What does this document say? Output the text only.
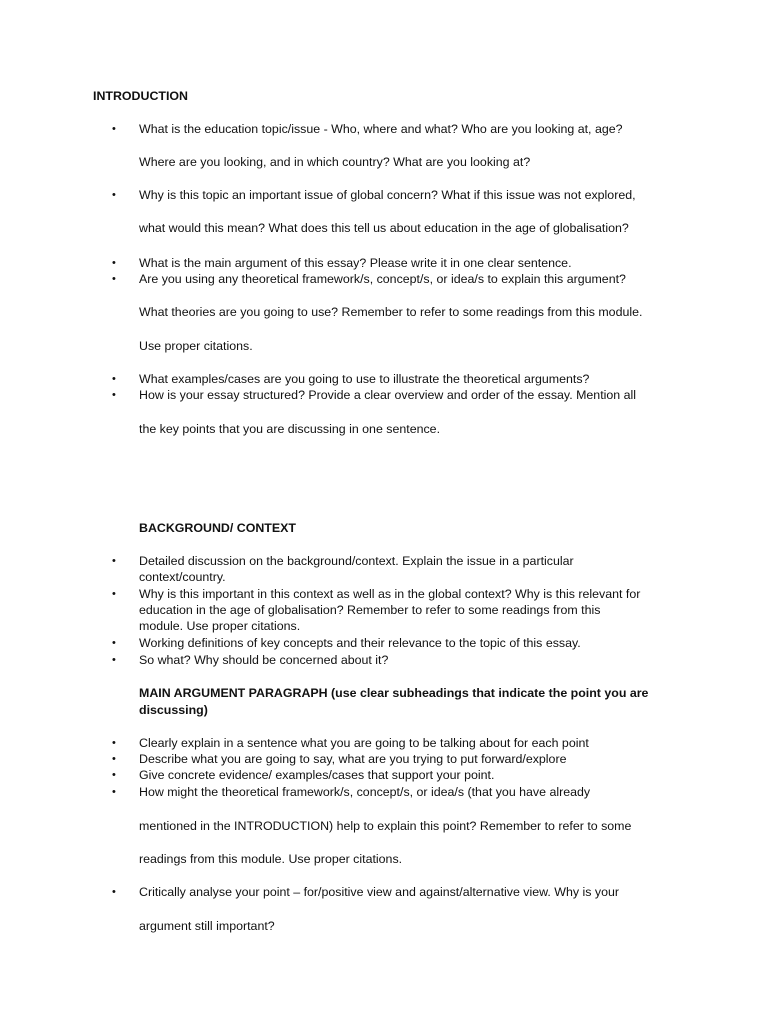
INTRODUCTION

• What is the education topic/issue - Who, where and what? Who are you looking at, age?
Where are you looking, and in which country? What are you looking at?
• Why is this topic an important issue of global concern? What if this issue was not explored,
what would this mean? What does this tell us about education in the age of globalisation?
• What is the main argument of this essay? Please write it in one clear sentence.
• Are you using any theoretical framework/s, concept/s, or idea/s to explain this argument?
What theories are you going to use? Remember to refer to some readings from this module.
Use proper citations.
• What examples/cases are you going to use to illustrate the theoretical arguments?
• How is your essay structured? Provide a clear overview and order of the essay. Mention all
the key points that you are discussing in one sentence.

BACKGROUND/ CONTEXT

• Detailed discussion on the background/context. Explain the issue in a particular
context/country.
• Why is this important in this context as well as in the global context? Why is this relevant for
education in the age of globalisation? Remember to refer to some readings from this
module. Use proper citations.
• Working definitions of key concepts and their relevance to the topic of this essay.
• So what? Why should be concerned about it?

MAIN ARGUMENT PARAGRAPH (use clear subheadings that indicate the point you are
discussing)

• Clearly explain in a sentence what you are going to be talking about for each point
• Describe what you are going to say, what are you trying to put forward/explore
• Give concrete evidence/ examples/cases that support your point.
• How might the theoretical framework/s, concept/s, or idea/s (that you have already
mentioned in the INTRODUCTION) help to explain this point? Remember to refer to some
readings from this module. Use proper citations.
• Critically analyse your point – for/positive view and against/alternative view. Why is your
argument still important?
